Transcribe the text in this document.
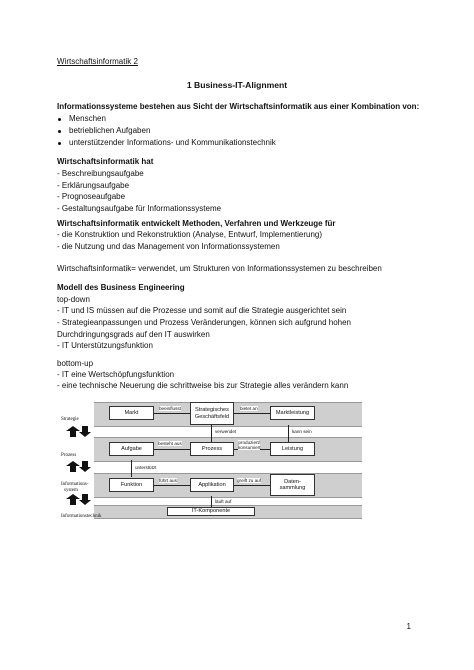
Wirtschaftsinformatik 2
1 Business-IT-Alignment
Informationssysteme bestehen aus Sicht der Wirtschaftsinformatik aus einer Kombination von:
Menschen
betrieblichen Aufgaben
unterstützender Informations- und Kommunikationstechnik
Wirtschaftsinformatik hat
- Beschreibungsaufgabe
- Erklärungsaufgabe
- Prognoseaufgabe
- Gestaltungsaufgabe für Informationssysteme
Wirtschaftsinformatik entwickelt Methoden, Verfahren und Werkzeuge für
- die Konstruktion und Rekonstruktion (Analyse, Entwurf, Implementierung)
- die Nutzung und das Management von Informationssystemen
Wirtschaftsinformatik= verwendet, um Strukturen von Informationssystemen zu beschreiben
Modell des Business Engineering
top-down
- IT und IS müssen auf die Prozesse und somit auf die Strategie ausgerichtet sein
- Strategieanpassungen und Prozess Veränderungen, können sich aufgrund hohen
Durchdringungsgrads auf den IT auswirken
- IT Unterstützungsfunktion
bottom-up
- IT eine Wertschöpfungsfunktion
- eine technische Neuerung die schrittweise bis zur Strategie alles verändern kann
Strategie
Prozess
Informations-
system
Informationstechnik
Markt	Strategisches
Geschäftsfeld
Marktleistung
Aufgabe	Prozess	Leistung
Funktion	Applikation
Daten-
sammlung
IT-Komponente
beeinflusst	bietet an
verwendet	kann sein
besteht aus	produziert/
konsumiert
unterstützt
führt aus	greift zu auf
läuft auf
1
